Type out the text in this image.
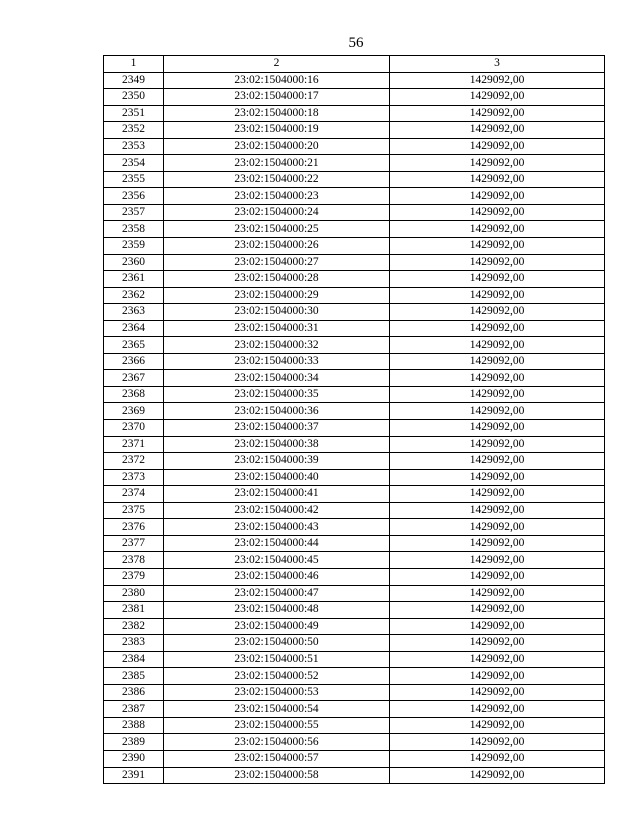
56
1	2	3
2349	23:02:1504000:16	1429092,00
2350	23:02:1504000:17	1429092,00
2351	23:02:1504000:18	1429092,00
2352	23:02:1504000:19	1429092,00
2353	23:02:1504000:20	1429092,00
2354	23:02:1504000:21	1429092,00
2355	23:02:1504000:22	1429092,00
2356	23:02:1504000:23	1429092,00
2357	23:02:1504000:24	1429092,00
2358	23:02:1504000:25	1429092,00
2359	23:02:1504000:26	1429092,00
2360	23:02:1504000:27	1429092,00
2361	23:02:1504000:28	1429092,00
2362	23:02:1504000:29	1429092,00
2363	23:02:1504000:30	1429092,00
2364	23:02:1504000:31	1429092,00
2365	23:02:1504000:32	1429092,00
2366	23:02:1504000:33	1429092,00
2367	23:02:1504000:34	1429092,00
2368	23:02:1504000:35	1429092,00
2369	23:02:1504000:36	1429092,00
2370	23:02:1504000:37	1429092,00
2371	23:02:1504000:38	1429092,00
2372	23:02:1504000:39	1429092,00
2373	23:02:1504000:40	1429092,00
2374	23:02:1504000:41	1429092,00
2375	23:02:1504000:42	1429092,00
2376	23:02:1504000:43	1429092,00
2377	23:02:1504000:44	1429092,00
2378	23:02:1504000:45	1429092,00
2379	23:02:1504000:46	1429092,00
2380	23:02:1504000:47	1429092,00
2381	23:02:1504000:48	1429092,00
2382	23:02:1504000:49	1429092,00
2383	23:02:1504000:50	1429092,00
2384	23:02:1504000:51	1429092,00
2385	23:02:1504000:52	1429092,00
2386	23:02:1504000:53	1429092,00
2387	23:02:1504000:54	1429092,00
2388	23:02:1504000:55	1429092,00
2389	23:02:1504000:56	1429092,00
2390	23:02:1504000:57	1429092,00
2391	23:02:1504000:58	1429092,00
